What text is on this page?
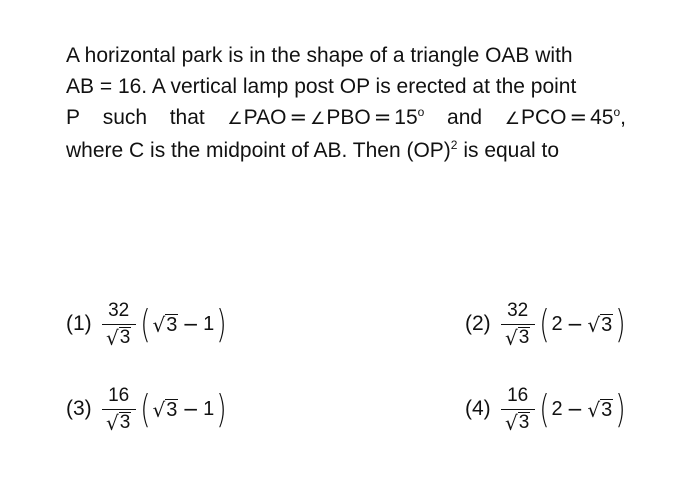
A horizontal park is in the shape of a triangle OAB with
AB = 16. A vertical lamp post OP is erected at the point
P such that ∠PAO = ∠PBO = $15^o$ and ∠PCO = $45^o$,
where C is the midpoint of AB. Then (OP)$^2$ is equal to
$(1) \frac{32}{√ 3}$ ( √ 3 − 1 )	$(2) \frac{32}{√ 3}$ ( 2 − √ 3 )
$(3) \frac{16}{√ 3}$ ( √ 3 − 1 )	$(4) \frac{16}{√ 3}$ ( 2 − √ 3 )
